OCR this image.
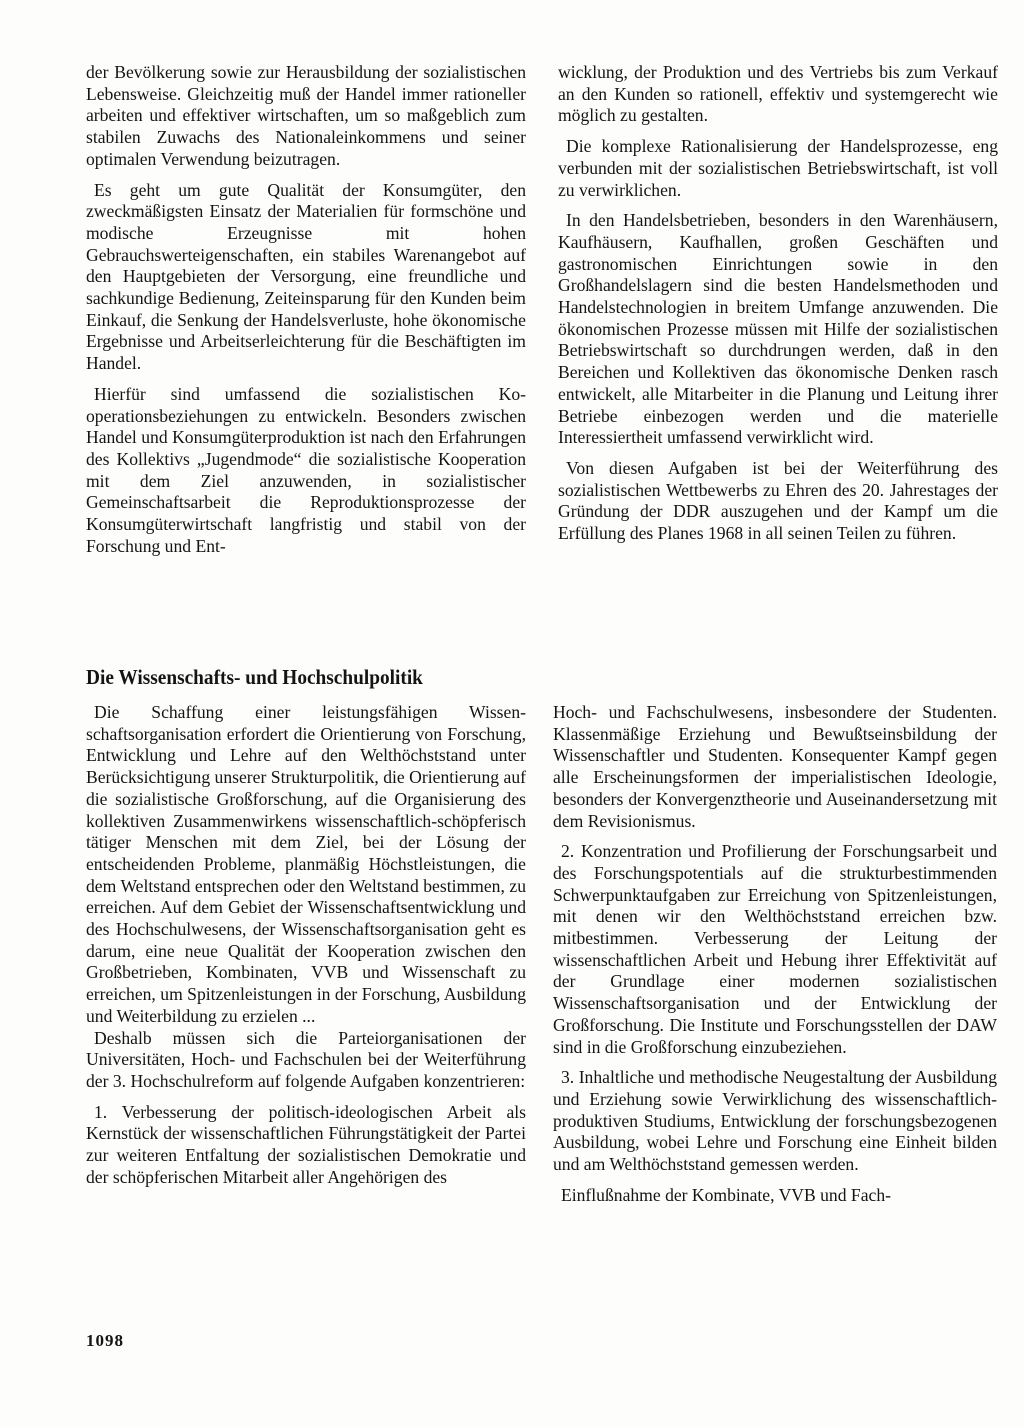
der Bevölkerung sowie zur Herausbildung der sozialistischen Lebensweise. Gleichzeitig muß der Handel immer rationeller arbeiten und effektiver wirtschaften, um so maßgeblich zum stabilen Zuwachs des Nationaleinkommens und seiner optimalen Verwendung beizutragen.

Es geht um gute Qualität der Konsumgüter, den zweckmäßigsten Einsatz der Materialien für formschöne und modische Erzeugnisse mit hohen Gebrauchswerteigenschaften, ein stabiles Warenangebot auf den Hauptgebieten der Versorgung, eine freundliche und sachkundige Bedienung, Zeiteinsparung für den Kunden beim Einkauf, die Senkung der Handelsverluste, hohe ökonomische Ergebnisse und Arbeitserleichterung für die Beschäftigten im Handel.

Hierfür sind umfassend die sozialistischen Kooperationsbeziehungen zu entwickeln. Besonders zwischen Handel und Konsumgüterproduktion ist nach den Erfahrungen des Kollektivs „Jugendmode“ die sozialistische Kooperation mit dem Ziel anzuwenden, in sozialistischer Gemeinschaftsarbeit die Reproduktionsprozesse der Konsumgüterwirtschaft langfristig und stabil von der Forschung und Ent-

wicklung, der Produktion und des Vertriebs bis zum Verkauf an den Kunden so rationell, effektiv und systemgerecht wie möglich zu gestalten.

Die komplexe Rationalisierung der Handelsprozesse, eng verbunden mit der sozialistischen Betriebswirtschaft, ist voll zu verwirklichen.

In den Handelsbetrieben, besonders in den Warenhäusern, Kaufhäusern, Kaufhallen, großen Geschäften und gastronomischen Einrichtungen sowie in den Großhandelslagern sind die besten Handelsmethoden und Handelstechnologien in breitem Umfange anzuwenden. Die ökonomischen Prozesse müssen mit Hilfe der sozialistischen Betriebswirtschaft so durchdrungen werden, daß in den Bereichen und Kollektiven das ökonomische Denken rasch entwickelt, alle Mitarbeiter in die Planung und Leitung ihrer Betriebe einbezogen werden und die materielle Interessiertheit umfassend verwirklicht wird.

Von diesen Aufgaben ist bei der Weiterführung des sozialistischen Wettbewerbs zu Ehren des 20. Jahrestages der Gründung der DDR auszugehen und der Kampf um die Erfüllung des Planes 1968 in all seinen Teilen zu führen.

Die Wissenschafts- und Hochschulpolitik

Die Schaffung einer leistungsfähigen Wissenschaftsorganisation erfordert die Orientierung von Forschung, Entwicklung und Lehre auf den Welthöchststand unter Berücksichtigung unserer Strukturpolitik, die Orientierung auf die sozialistische Großforschung, auf die Organisierung des kollektiven Zusammenwirkens wissenschaftlich-schöpferisch tätiger Menschen mit dem Ziel, bei der Lösung der entscheidenden Probleme, planmäßig Höchstleistungen, die dem Weltstand entsprechen oder den Weltstand bestimmen, zu erreichen. Auf dem Gebiet der Wissenschaftsentwicklung und des Hochschulwesens, der Wissenschaftsorganisation geht es darum, eine neue Qualität der Kooperation zwischen den Großbetrieben, Kombinaten, VVB und Wissenschaft zu erreichen, um Spitzenleistungen in der Forschung, Ausbildung und Weiterbildung zu erzielen ...

Deshalb müssen sich die Parteiorganisationen der Universitäten, Hoch- und Fachschulen bei der Weiterführung der 3. Hochschulreform auf folgende Aufgaben konzentrieren:

1. Verbesserung der politisch-ideologischen Arbeit als Kernstück der wissenschaftlichen Führungstätigkeit der Partei zur weiteren Entfaltung der sozialistischen Demokratie und der schöpferischen Mitarbeit aller Angehörigen des

Hoch- und Fachschulwesens, insbesondere der Studenten. Klassenmäßige Erziehung und Bewußtseinsbildung der Wissenschaftler und Studenten. Konsequenter Kampf gegen alle Erscheinungsformen der imperialistischen Ideologie, besonders der Konvergenztheorie und Auseinandersetzung mit dem Revisionismus.

2. Konzentration und Profilierung der Forschungsarbeit und des Forschungspotentials auf die strukturbestimmenden Schwerpunktaufgaben zur Erreichung von Spitzenleistungen, mit denen wir den Welthöchststand erreichen bzw. mitbestimmen. Verbesserung der Leitung der wissenschaftlichen Arbeit und Hebung ihrer Effektivität auf der Grundlage einer modernen sozialistischen Wissenschaftsorganisation und der Entwicklung der Großforschung. Die Institute und Forschungsstellen der DAW sind in die Großforschung einzubeziehen.

3. Inhaltliche und methodische Neugestaltung der Ausbildung und Erziehung sowie Verwirklichung des wissenschaftlich-produktiven Studiums, Entwicklung der forschungsbezogenen Ausbildung, wobei Lehre und Forschung eine Einheit bilden und am Welthöchststand gemessen werden.

Einflußnahme der Kombinate, VVB und Fach-

1098
